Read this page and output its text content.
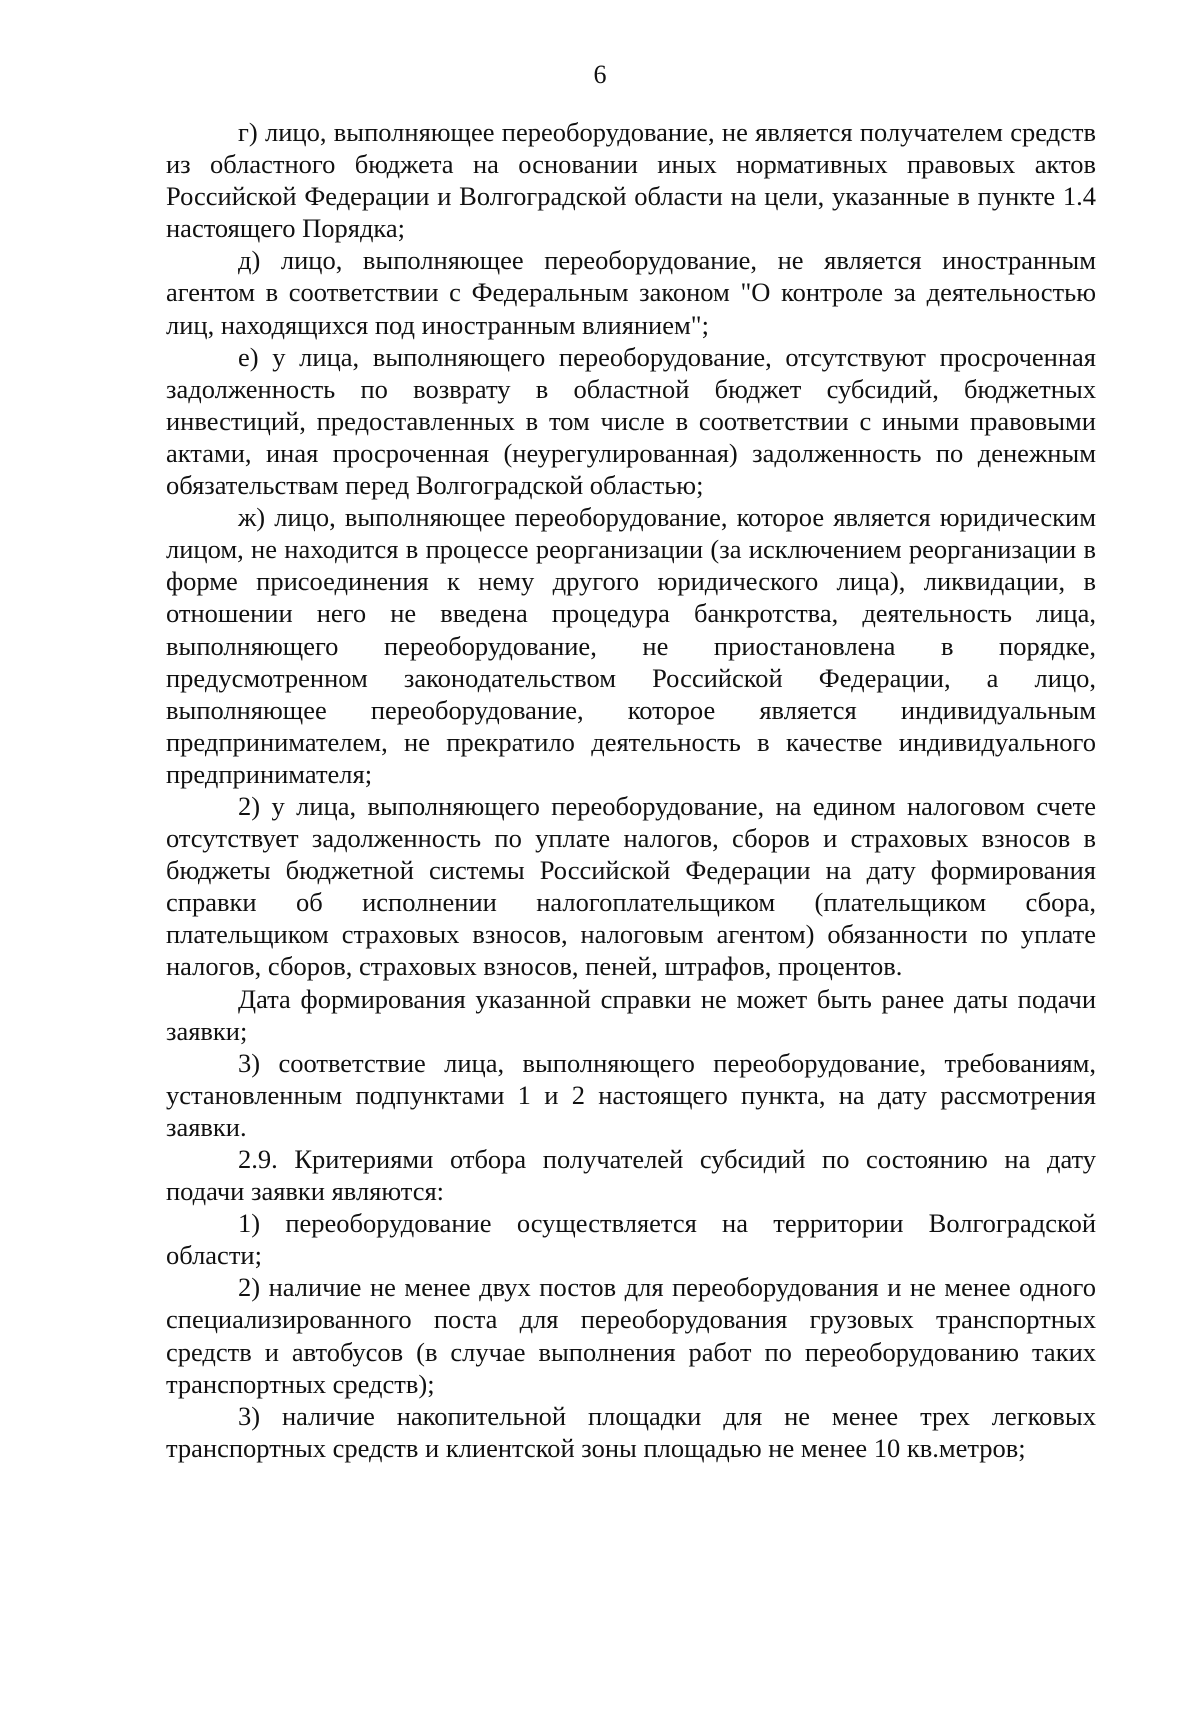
6

г) лицо, выполняющее переоборудование, не является получателем средств из областного бюджета на основании иных нормативных правовых актов Российской Федерации и Волгоградской области на цели, указанные в пункте 1.4 настоящего Порядка;

д) лицо, выполняющее переоборудование, не является иностранным агентом в соответствии с Федеральным законом "О контроле за деятельностью лиц, находящихся под иностранным влиянием";

е) у лица, выполняющего переоборудование, отсутствуют просроченная задолженность по возврату в областной бюджет субсидий, бюджетных инвестиций, предоставленных в том числе в соответствии с иными правовыми актами, иная просроченная (неурегулированная) задолженность по денежным обязательствам перед Волгоградской областью;

ж) лицо, выполняющее переоборудование, которое является юридическим лицом, не находится в процессе реорганизации (за исключением реорганизации в форме присоединения к нему другого юридического лица), ликвидации, в отношении него не введена процедура банкротства, деятельность лица, выполняющего переоборудование, не приостановлена в порядке, предусмотренном законодательством Российской Федерации, а лицо, выполняющее переоборудование, которое является индивидуальным предпринимателем, не прекратило деятельность в качестве индивидуального предпринимателя;

2) у лица, выполняющего переоборудование, на едином налоговом счете отсутствует задолженность по уплате налогов, сборов и страховых взносов в бюджеты бюджетной системы Российской Федерации на дату формирования справки об исполнении налогоплательщиком (плательщиком сбора, плательщиком страховых взносов, налоговым агентом) обязанности по уплате налогов, сборов, страховых взносов, пеней, штрафов, процентов.

Дата формирования указанной справки не может быть ранее даты подачи заявки;

3) соответствие лица, выполняющего переоборудование, требованиям, установленным подпунктами 1 и 2 настоящего пункта, на дату рассмотрения заявки.

2.9. Критериями отбора получателей субсидий по состоянию на дату подачи заявки являются:

1) переоборудование осуществляется на территории Волгоградской области;

2) наличие не менее двух постов для переоборудования и не менее одного специализированного поста для переоборудования грузовых транспортных средств и автобусов (в случае выполнения работ по переоборудованию таких транспортных средств);

3) наличие накопительной площадки для не менее трех легковых транспортных средств и клиентской зоны площадью не менее 10 кв.метров;
